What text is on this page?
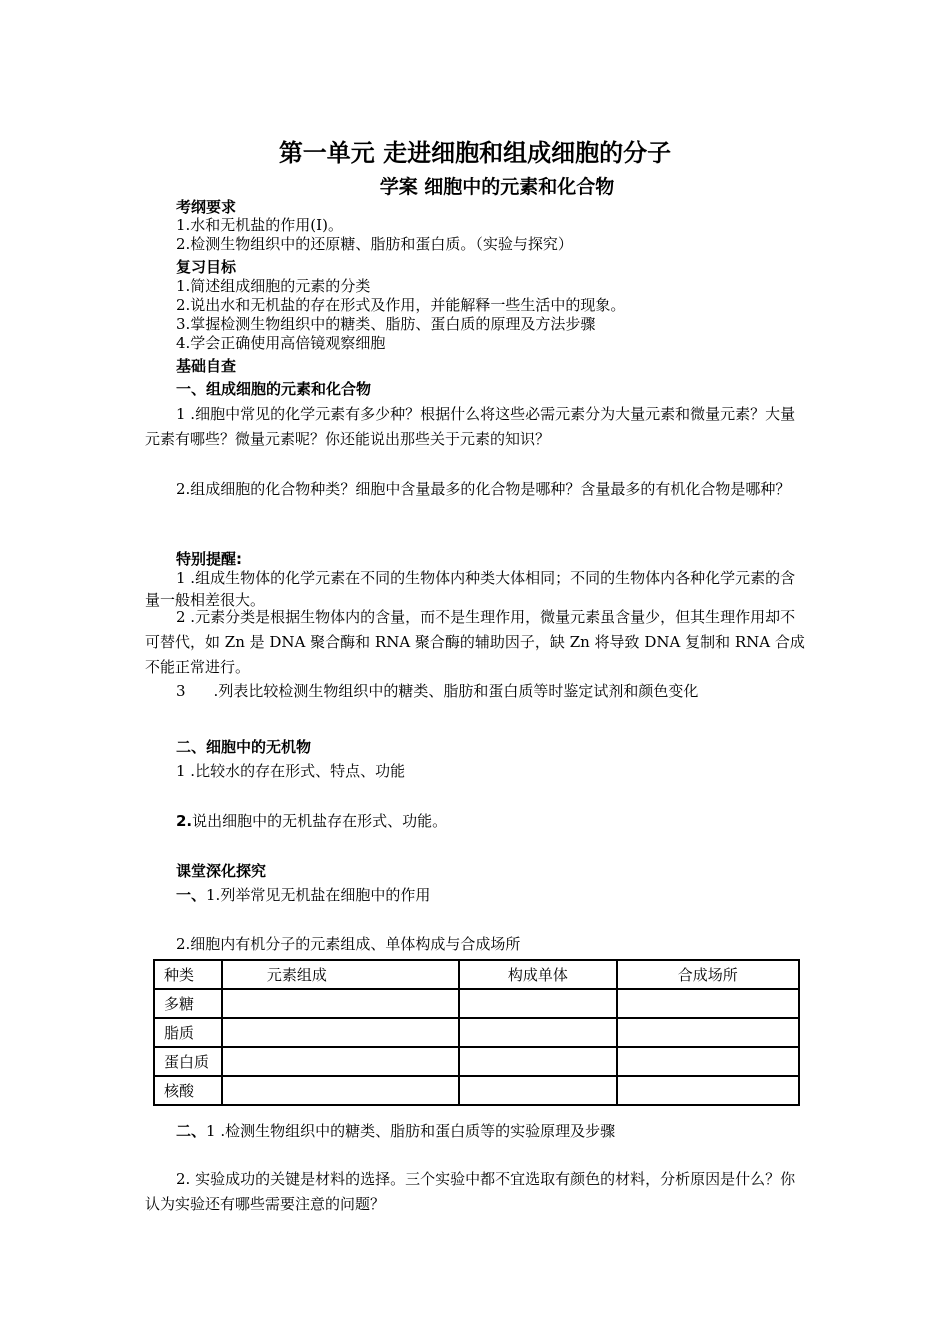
第一单元 走进细胞和组成细胞的分子
学案 细胞中的元素和化合物
考纲要求
1.水和无机盐的作用(Ⅰ)。
2.检测生物组织中的还原糖、脂肪和蛋白质。（实验与探究）
复习目标
1.简述组成细胞的元素的分类
2.说出水和无机盐的存在形式及作用，并能解释一些生活中的现象。
3.掌握检测生物组织中的糖类、脂肪、蛋白质的原理及方法步骤
4.学会正确使用高倍镜观察细胞
基础自查
一、组成细胞的元素和化合物
1 .细胞中常见的化学元素有多少种？根据什么将这些必需元素分为大量元素和微量元素？大量元素有哪些？微量元素呢？你还能说出那些关于元素的知识？
2.组成细胞的化合物种类？细胞中含量最多的化合物是哪种？含量最多的有机化合物是哪种？
特别提醒:
1 .组成生物体的化学元素在不同的生物体内种类大体相同；不同的生物体内各种化学元素的含量一般相差很大。
2 .元素分类是根据生物体内的含量，而不是生理作用，微量元素虽含量少，但其生理作用却不可替代，如 Zn 是 DNA 聚合酶和 RNA 聚合酶的辅助因子，缺 Zn 将导致 DNA 复制和 RNA 合成不能正常进行。
3 .列表比较检测生物组织中的糖类、脂肪和蛋白质等时鉴定试剂和颜色变化
二、细胞中的无机物
1 .比较水的存在形式、特点、功能
2.说出细胞中的无机盐存在形式、功能。
课堂深化探究
一、1.列举常见无机盐在细胞中的作用
2.细胞内有机分子的元素组成、单体构成与合成场所
种类	元素组成	构成单体	合成场所
多糖			
脂质			
蛋白质			
核酸			
二、1 .检测生物组织中的糖类、脂肪和蛋白质等的实验原理及步骤
2. 实验成功的关键是材料的选择。三个实验中都不宜选取有颜色的材料，分析原因是什么？你认为实验还有哪些需要注意的问题？
